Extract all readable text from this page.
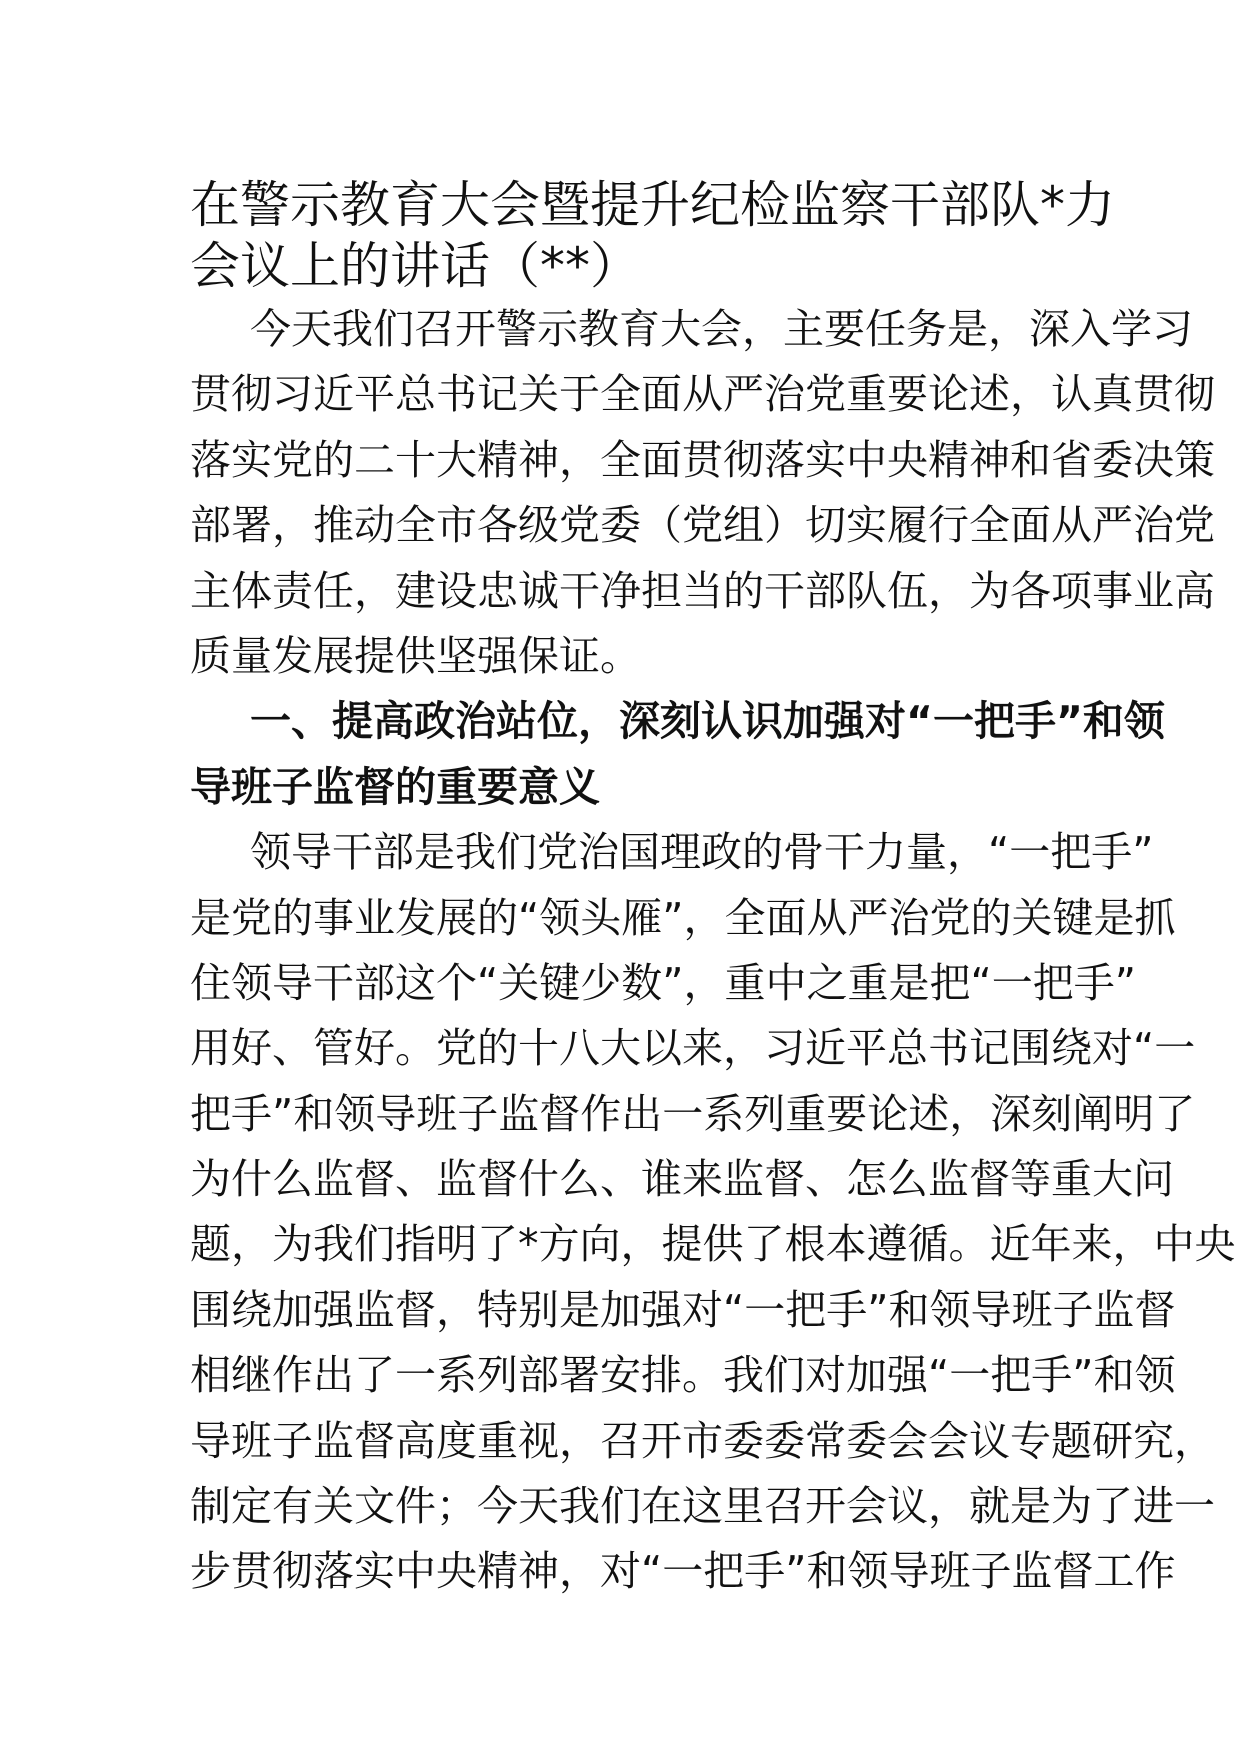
在警示教育大会暨提升纪检监察干部队*力
会议上的讲话（**）
今天我们召开警示教育大会，主要任务是，深入学习
贯彻习近平总书记关于全面从严治党重要论述，认真贯彻
落实党的二十大精神，全面贯彻落实中央精神和省委决策
部署，推动全市各级党委（党组）切实履行全面从严治党
主体责任，建设忠诚干净担当的干部队伍，为各项事业高
质量发展提供坚强保证。
一、提高政治站位，深刻认识加强对“一把手”和领
导班子监督的重要意义
领导干部是我们党治国理政的骨干力量，“一把手”
是党的事业发展的“领头雁”，全面从严治党的关键是抓
住领导干部这个“关键少数”，重中之重是把“一把手”
用好、管好。党的十八大以来，习近平总书记围绕对“一
把手”和领导班子监督作出一系列重要论述，深刻阐明了
为什么监督、监督什么、谁来监督、怎么监督等重大问
题，为我们指明了*方向，提供了根本遵循。近年来，中央
围绕加强监督，特别是加强对“一把手”和领导班子监督
相继作出了一系列部署安排。我们对加强“一把手”和领
导班子监督高度重视，召开市委委常委会会议专题研究，
制定有关文件；今天我们在这里召开会议，就是为了进一
步贯彻落实中央精神，对“一把手”和领导班子监督工作
